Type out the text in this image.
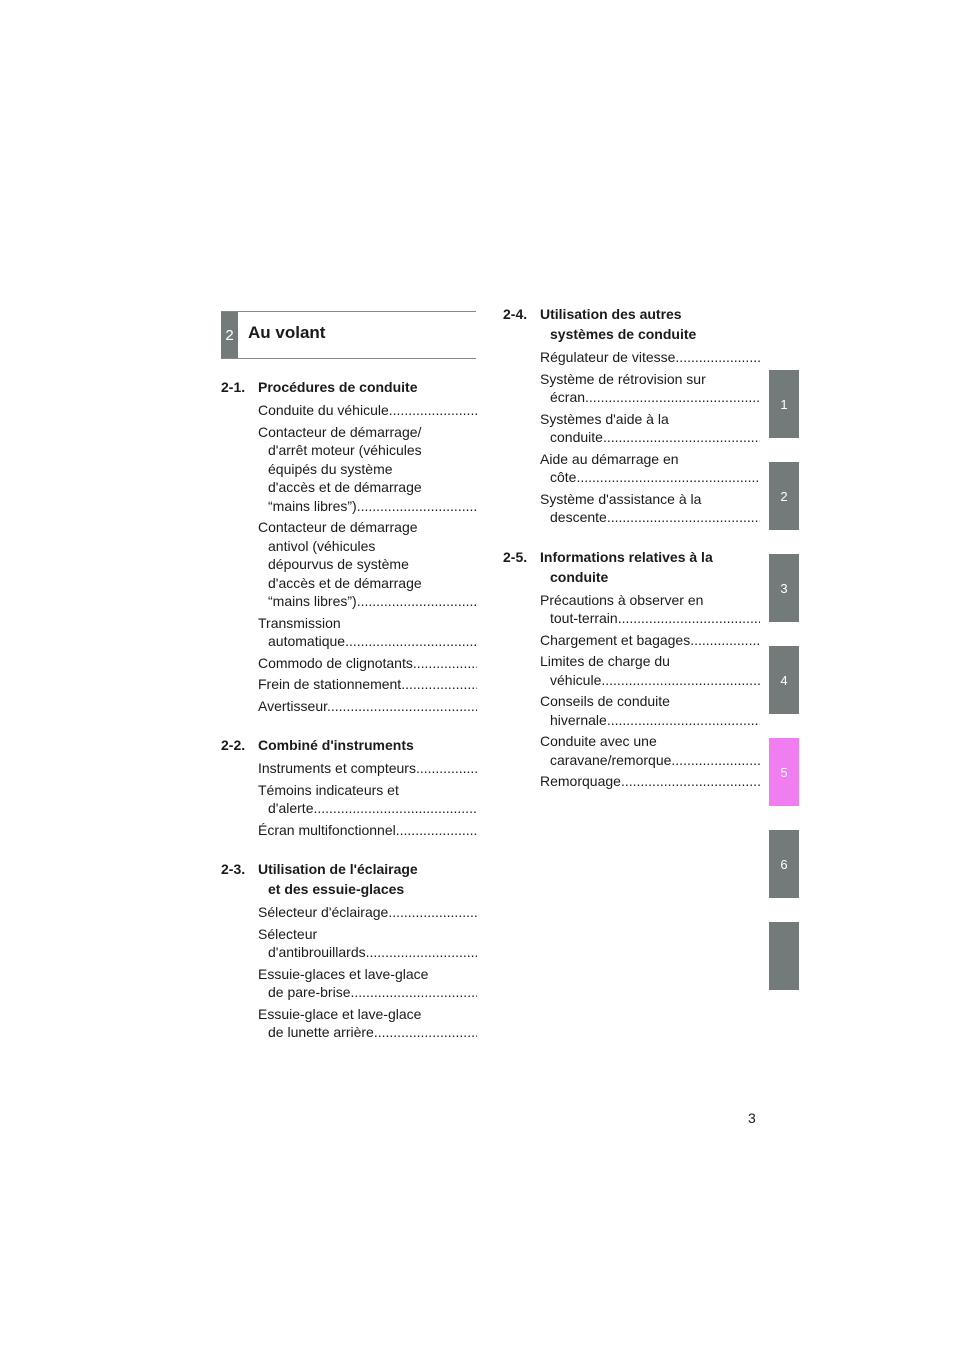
2 Au volant
2-1. Procédures de conduite
Conduite du véhicule .....
Contacteur de démarrage/
d'arrêt moteur (véhicules
équipés du système
d'accès et de démarrage
“mains libres”) .....
Contacteur de démarrage
antivol (véhicules
dépourvus de système
d'accès et de démarrage
“mains libres”) .....
Transmission
automatique .....
Commodo de clignotants .....
Frein de stationnement .....
Avertisseur .....
2-2. Combiné d'instruments
Instruments et compteurs .....
Témoins indicateurs et
d'alerte .....
Écran multifonctionnel .....
2-3. Utilisation de l'éclairage
et des essuie-glaces
Sélecteur d'éclairage .....
Sélecteur
d'antibrouillards .....
Essuie-glaces et lave-glace
de pare-brise .....
Essuie-glace et lave-glace
de lunette arrière .....
2-4. Utilisation des autres
systèmes de conduite
Régulateur de vitesse .....
Système de rétrovision sur
écran .....
Systèmes d'aide à la
conduite .....
Aide au démarrage en
côte .....
Système d'assistance à la
descente .....
2-5. Informations relatives à la
conduite
Précautions à observer en
tout-terrain .....
Chargement et bagages .....
Limites de charge du
véhicule .....
Conseils de conduite
hivernale .....
Conduite avec une
caravane/remorque .....
Remorquage .....
1
2
3
4
5
6
3
